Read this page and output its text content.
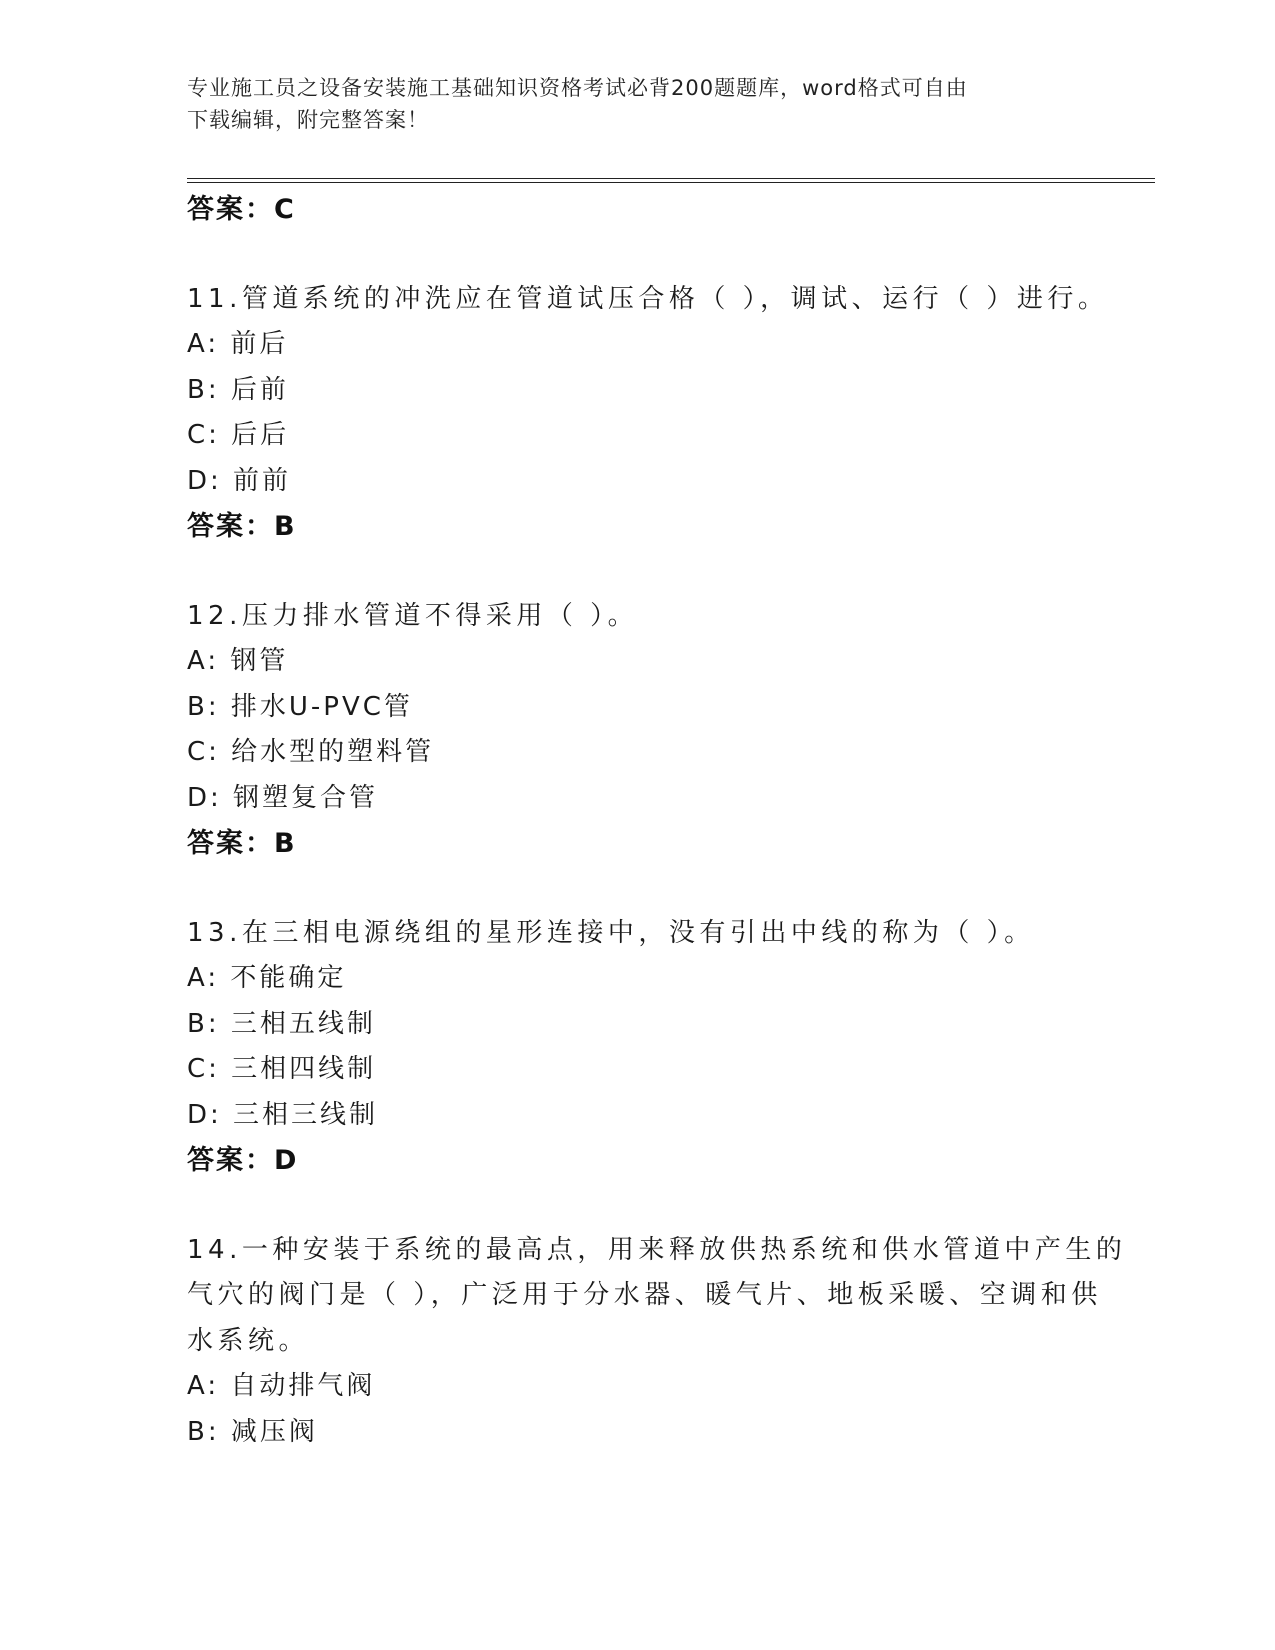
专业施工员之设备安装施工基础知识资格考试必背200题题库，word格式可自由
下载编辑，附完整答案！
答案：C
11.管道系统的冲洗应在管道试压合格（ ），调试、运行（ ）进行。
A: 前后
B: 后前
C: 后后
D: 前前
答案：B
12.压力排水管道不得采用（ ）。
A: 钢管
B: 排水U-PVC管
C: 给水型的塑料管
D: 钢塑复合管
答案：B
13.在三相电源绕组的星形连接中，没有引出中线的称为（ ）。
A: 不能确定
B: 三相五线制
C: 三相四线制
D: 三相三线制
答案：D
14.一种安装于系统的最高点，用来释放供热系统和供水管道中产生的
气穴的阀门是（ ），广泛用于分水器、暖气片、地板采暖、空调和供
水系统。
A: 自动排气阀
B: 减压阀
